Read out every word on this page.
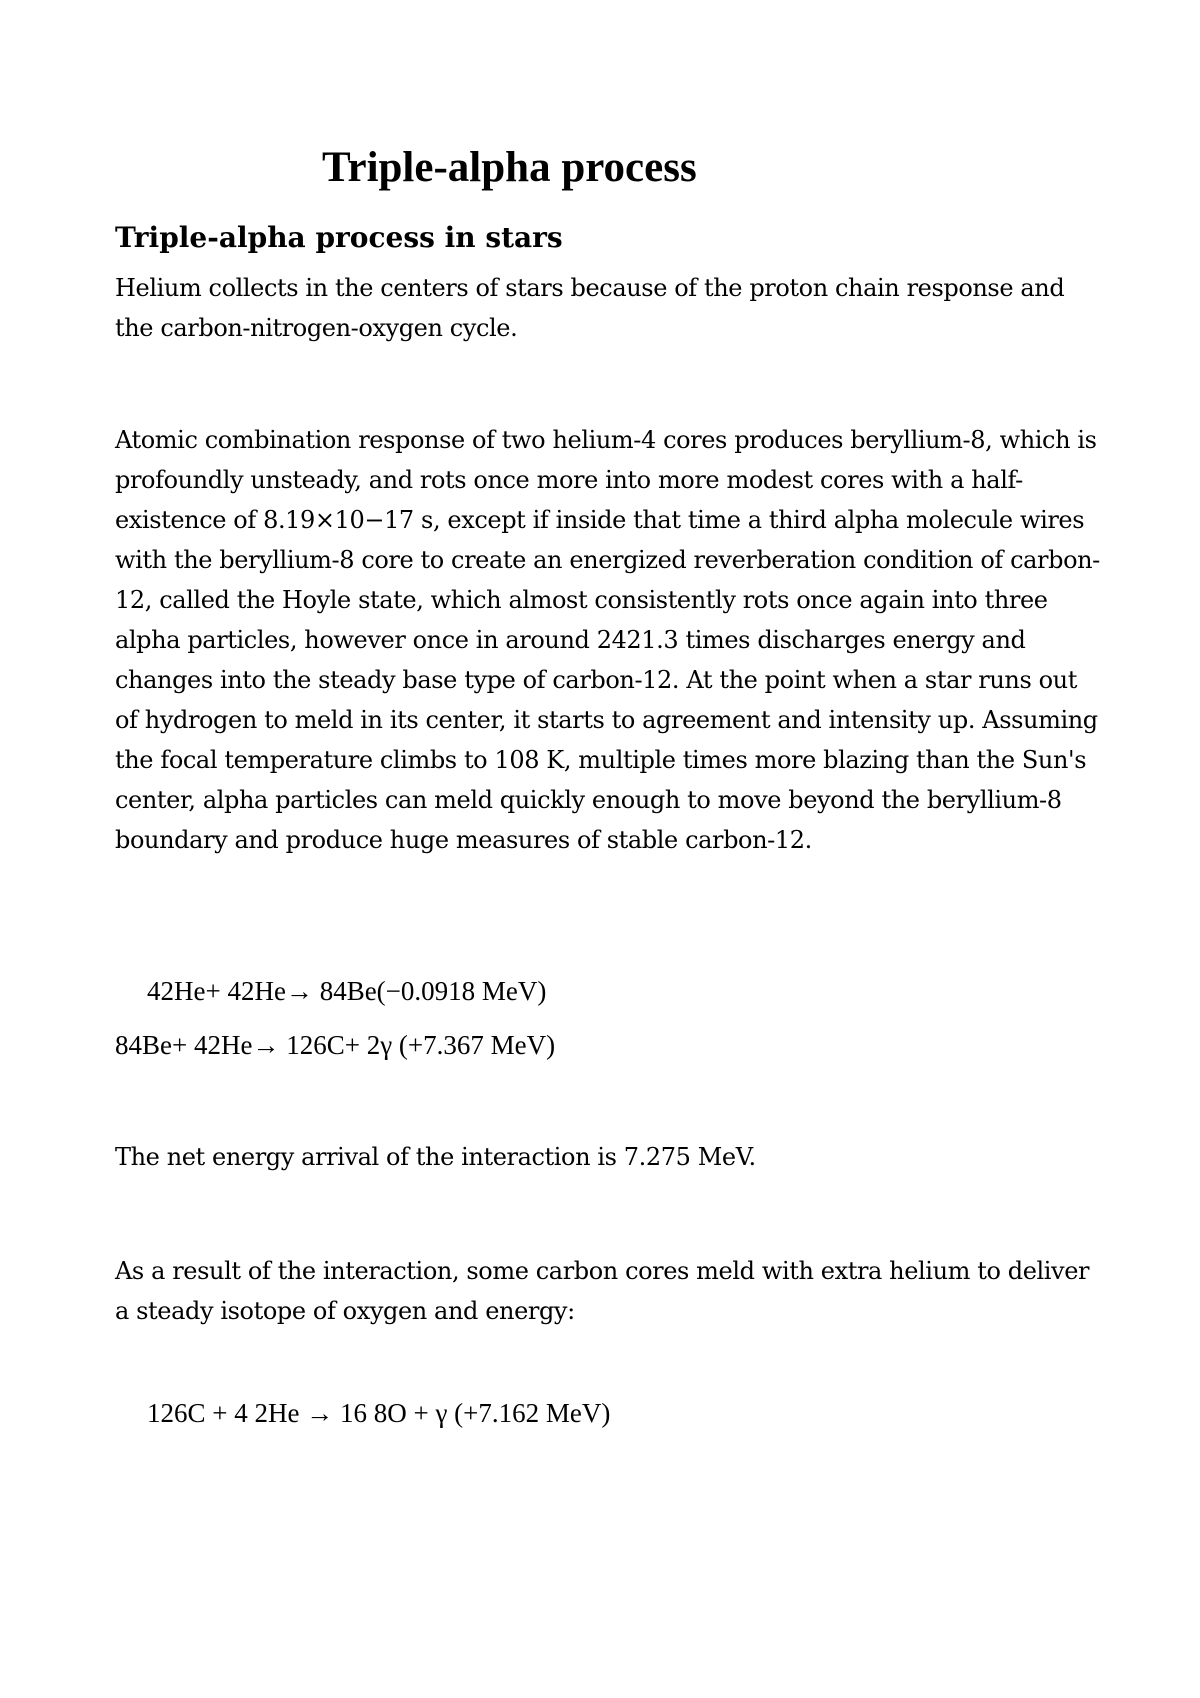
Triple-alpha process
Triple-alpha process in stars

Helium collects in the centers of stars because of the proton chain response and the carbon-nitrogen-oxygen cycle.

Atomic combination response of two helium-4 cores produces beryllium-8, which is profoundly unsteady, and rots once more into more modest cores with a half-existence of 8.19×10−17 s, except if inside that time a third alpha molecule wires with the beryllium-8 core to create an energized reverberation condition of carbon-12, called the Hoyle state, which almost consistently rots once again into three alpha particles, however once in around 2421.3 times discharges energy and changes into the steady base type of carbon-12. At the point when a star runs out of hydrogen to meld in its center, it starts to agreement and intensity up. Assuming the focal temperature climbs to 108 K, multiple times more blazing than the Sun's center, alpha particles can meld quickly enough to move beyond the beryllium-8 boundary and produce huge measures of stable carbon-12.

42He+ 42He→ 84Be(−0.0918 MeV)

84Be+ 42He→ 126C+ 2γ (+7.367 MeV)

The net energy arrival of the interaction is 7.275 MeV.

As a result of the interaction, some carbon cores meld with extra helium to deliver a steady isotope of oxygen and energy:

126C + 4 2He → 16 8O + γ (+7.162 MeV)
